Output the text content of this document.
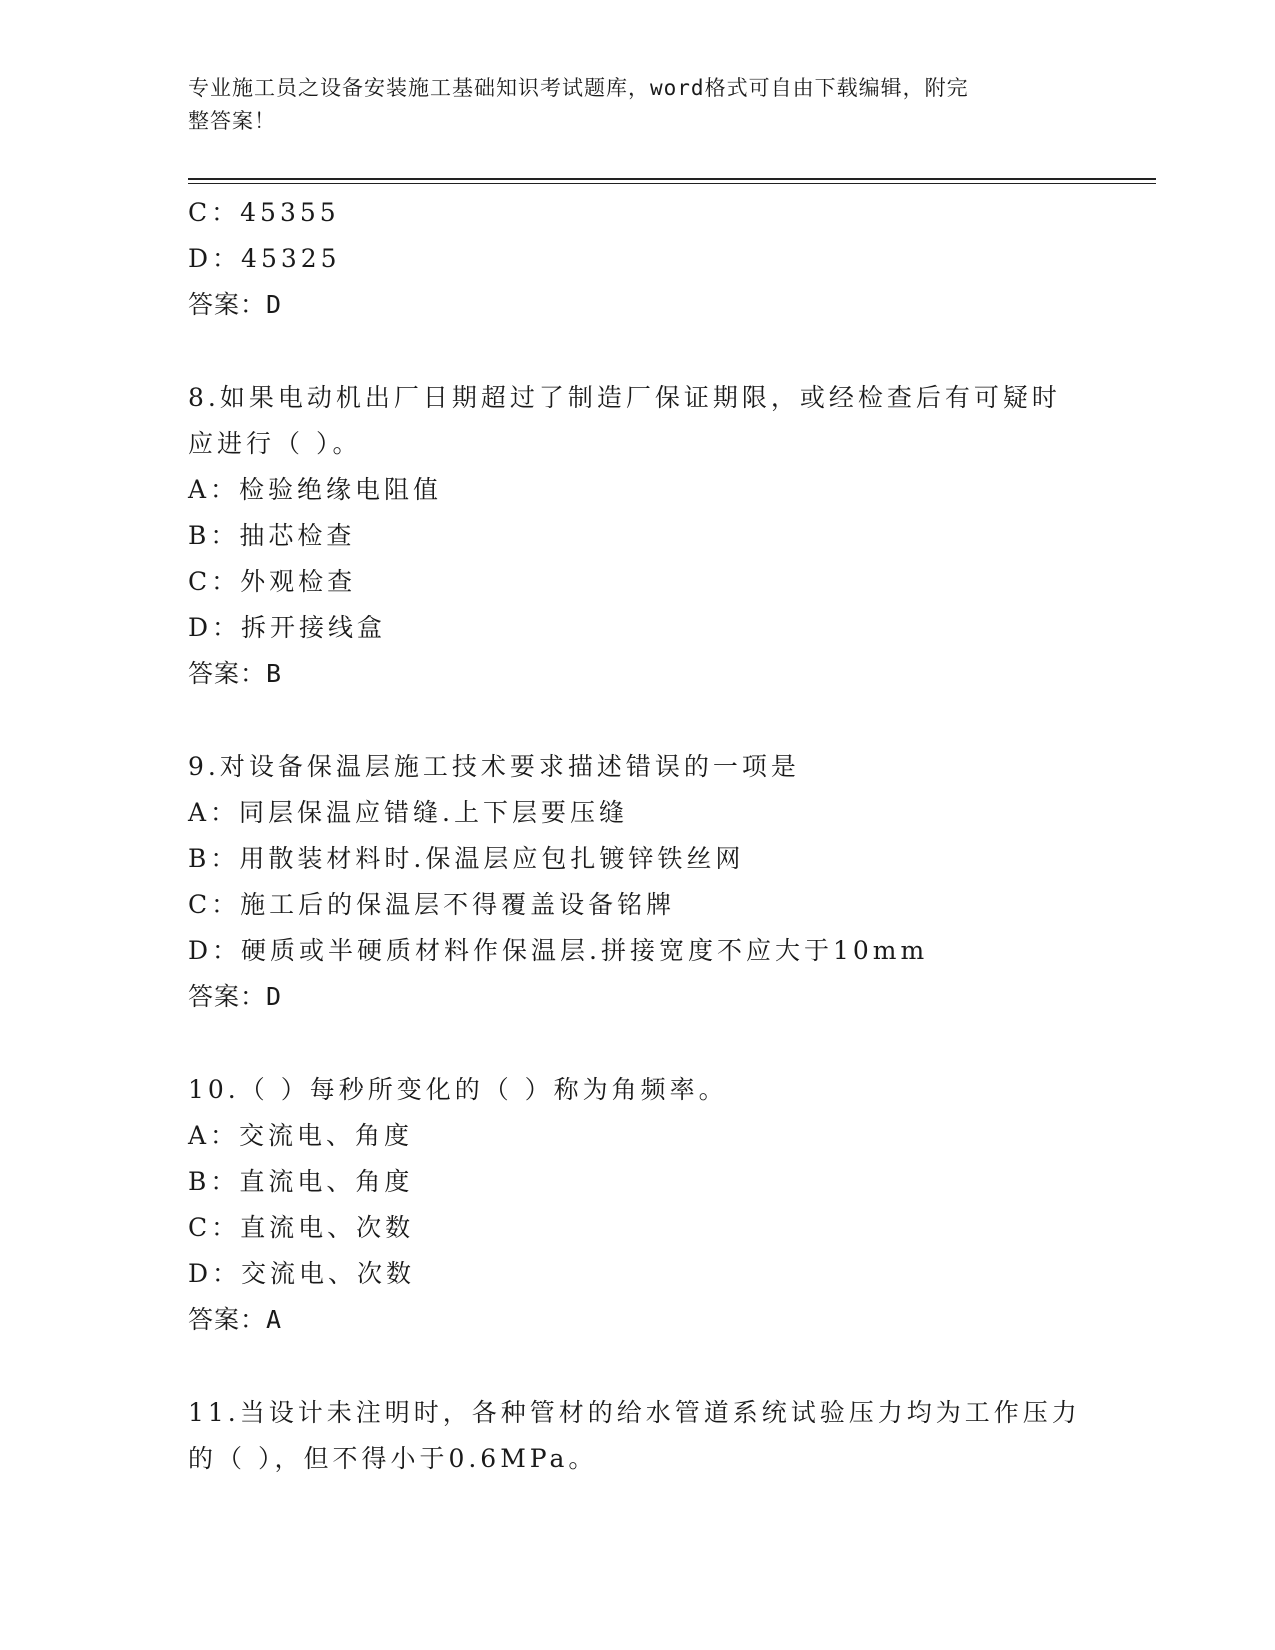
专业施工员之设备安装施工基础知识考试题库，word格式可自由下载编辑，附完
整答案！
C：45355
D：45325
答案：D
8.如果电动机出厂日期超过了制造厂保证期限，或经检查后有可疑时
应进行（ ）。
A：检验绝缘电阻值
B：抽芯检查
C：外观检查
D：拆开接线盒
答案：B
9.对设备保温层施工技术要求描述错误的一项是
A：同层保温应错缝.上下层要压缝
B：用散装材料时.保温层应包扎镀锌铁丝网
C：施工后的保温层不得覆盖设备铭牌
D：硬质或半硬质材料作保温层.拼接宽度不应大于10mm
答案：D
10.（ ）每秒所变化的（ ）称为角频率。
A：交流电、角度
B：直流电、角度
C：直流电、次数
D：交流电、次数
答案：A
11.当设计未注明时，各种管材的给水管道系统试验压力均为工作压力
的（ ），但不得小于0.6MPa。
